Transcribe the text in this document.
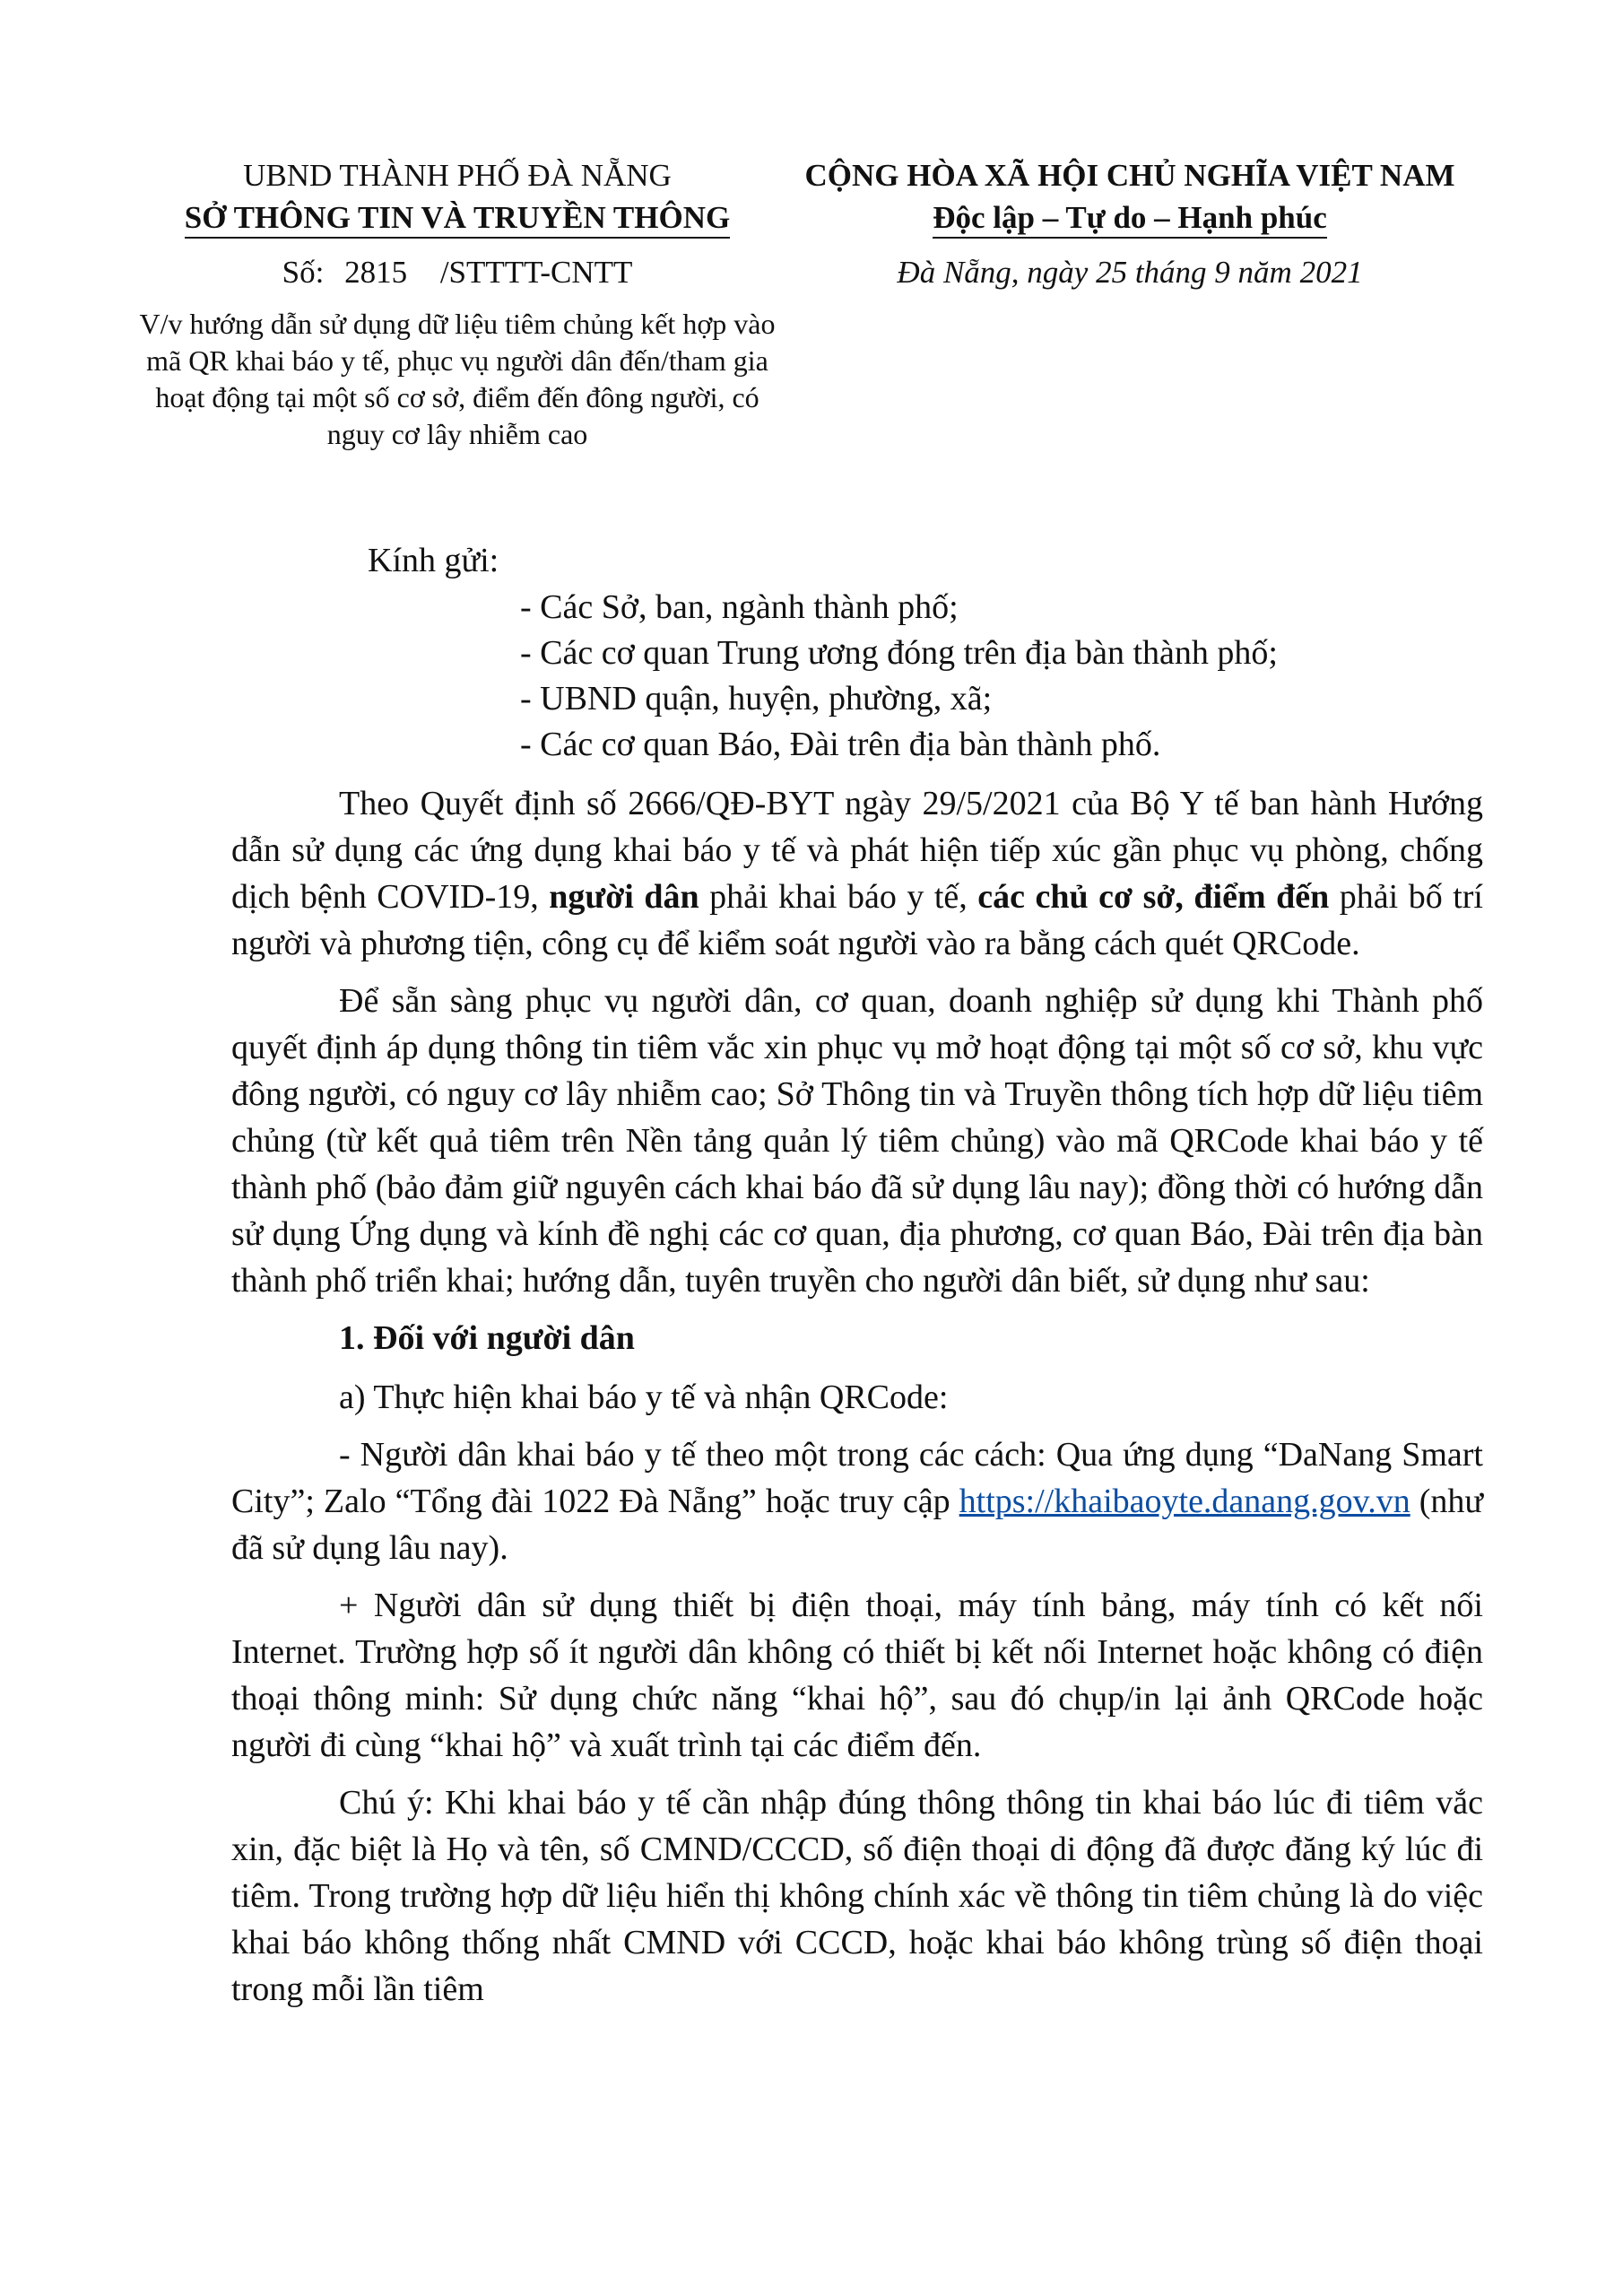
UBND THÀNH PHỐ ĐÀ NẴNG
SỞ THÔNG TIN VÀ TRUYỀN THÔNG
Số: 2815 /STTTT-CNTT
V/v hướng dẫn sử dụng dữ liệu tiêm chủng kết hợp vào mã QR khai báo y tế, phục vụ người dân đến/tham gia hoạt động tại một số cơ sở, điểm đến đông người, có nguy cơ lây nhiễm cao
CỘNG HÒA XÃ HỘI CHỦ NGHĨA VIỆT NAM
Độc lập – Tự do – Hạnh phúc
Đà Nẵng, ngày 25 tháng 9 năm 2021
Kính gửi:
- Các Sở, ban, ngành thành phố;
- Các cơ quan Trung ương đóng trên địa bàn thành phố;
- UBND quận, huyện, phường, xã;
- Các cơ quan Báo, Đài trên địa bàn thành phố.

Theo Quyết định số 2666/QĐ-BYT ngày 29/5/2021 của Bộ Y tế ban hành Hướng dẫn sử dụng các ứng dụng khai báo y tế và phát hiện tiếp xúc gần phục vụ phòng, chống dịch bệnh COVID-19, người dân phải khai báo y tế, các chủ cơ sở, điểm đến phải bố trí người và phương tiện, công cụ để kiểm soát người vào ra bằng cách quét QRCode.

Để sẵn sàng phục vụ người dân, cơ quan, doanh nghiệp sử dụng khi Thành phố quyết định áp dụng thông tin tiêm vắc xin phục vụ mở hoạt động tại một số cơ sở, khu vực đông người, có nguy cơ lây nhiễm cao; Sở Thông tin và Truyền thông tích hợp dữ liệu tiêm chủng (từ kết quả tiêm trên Nền tảng quản lý tiêm chủng) vào mã QRCode khai báo y tế thành phố (bảo đảm giữ nguyên cách khai báo đã sử dụng lâu nay); đồng thời có hướng dẫn sử dụng Ứng dụng và kính đề nghị các cơ quan, địa phương, cơ quan Báo, Đài trên địa bàn thành phố triển khai; hướng dẫn, tuyên truyền cho người dân biết, sử dụng như sau:

1. Đối với người dân

a) Thực hiện khai báo y tế và nhận QRCode:

- Người dân khai báo y tế theo một trong các cách: Qua ứng dụng “DaNang Smart City”; Zalo “Tổng đài 1022 Đà Nẵng” hoặc truy cập https://khaibaoyte.danang.gov.vn (như đã sử dụng lâu nay).

+ Người dân sử dụng thiết bị điện thoại, máy tính bảng, máy tính có kết nối Internet. Trường hợp số ít người dân không có thiết bị kết nối Internet hoặc không có điện thoại thông minh: Sử dụng chức năng “khai hộ”, sau đó chụp/in lại ảnh QRCode hoặc người đi cùng “khai hộ” và xuất trình tại các điểm đến.

Chú ý: Khi khai báo y tế cần nhập đúng thông thông tin khai báo lúc đi tiêm vắc xin, đặc biệt là Họ và tên, số CMND/CCCD, số điện thoại di động đã được đăng ký lúc đi tiêm. Trong trường hợp dữ liệu hiển thị không chính xác về thông tin tiêm chủng là do việc khai báo không thống nhất CMND với CCCD, hoặc khai báo không trùng số điện thoại trong mỗi lần tiêm
